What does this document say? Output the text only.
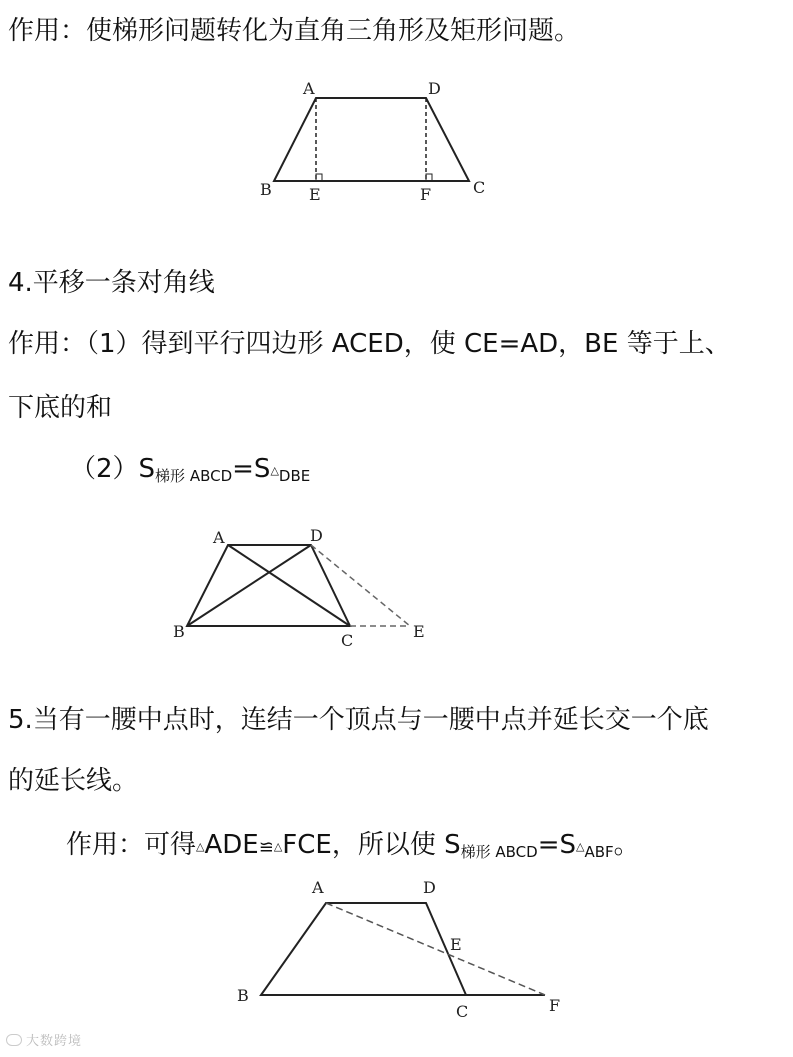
作用：使梯形问题转化为直角三角形及矩形问题。
4.平移一条对角线
作用：（1）得到平行四边形 ACED，使 CE=AD，BE 等于上、
下底的和
$(2)S_{梯形 ABCD}=S\triangle_{DBE}$
5.当有一腰中点时，连结一个顶点与一腰中点并延长交一个底
的延长线。
作用：可得△ADE≌△FCE，所以使 $S_{梯形 ABCD}=S\triangle_{ABF}$。
A	D
B E	F	C
A	D
B	C	E
A	D
E
B
C	F
大数跨境
